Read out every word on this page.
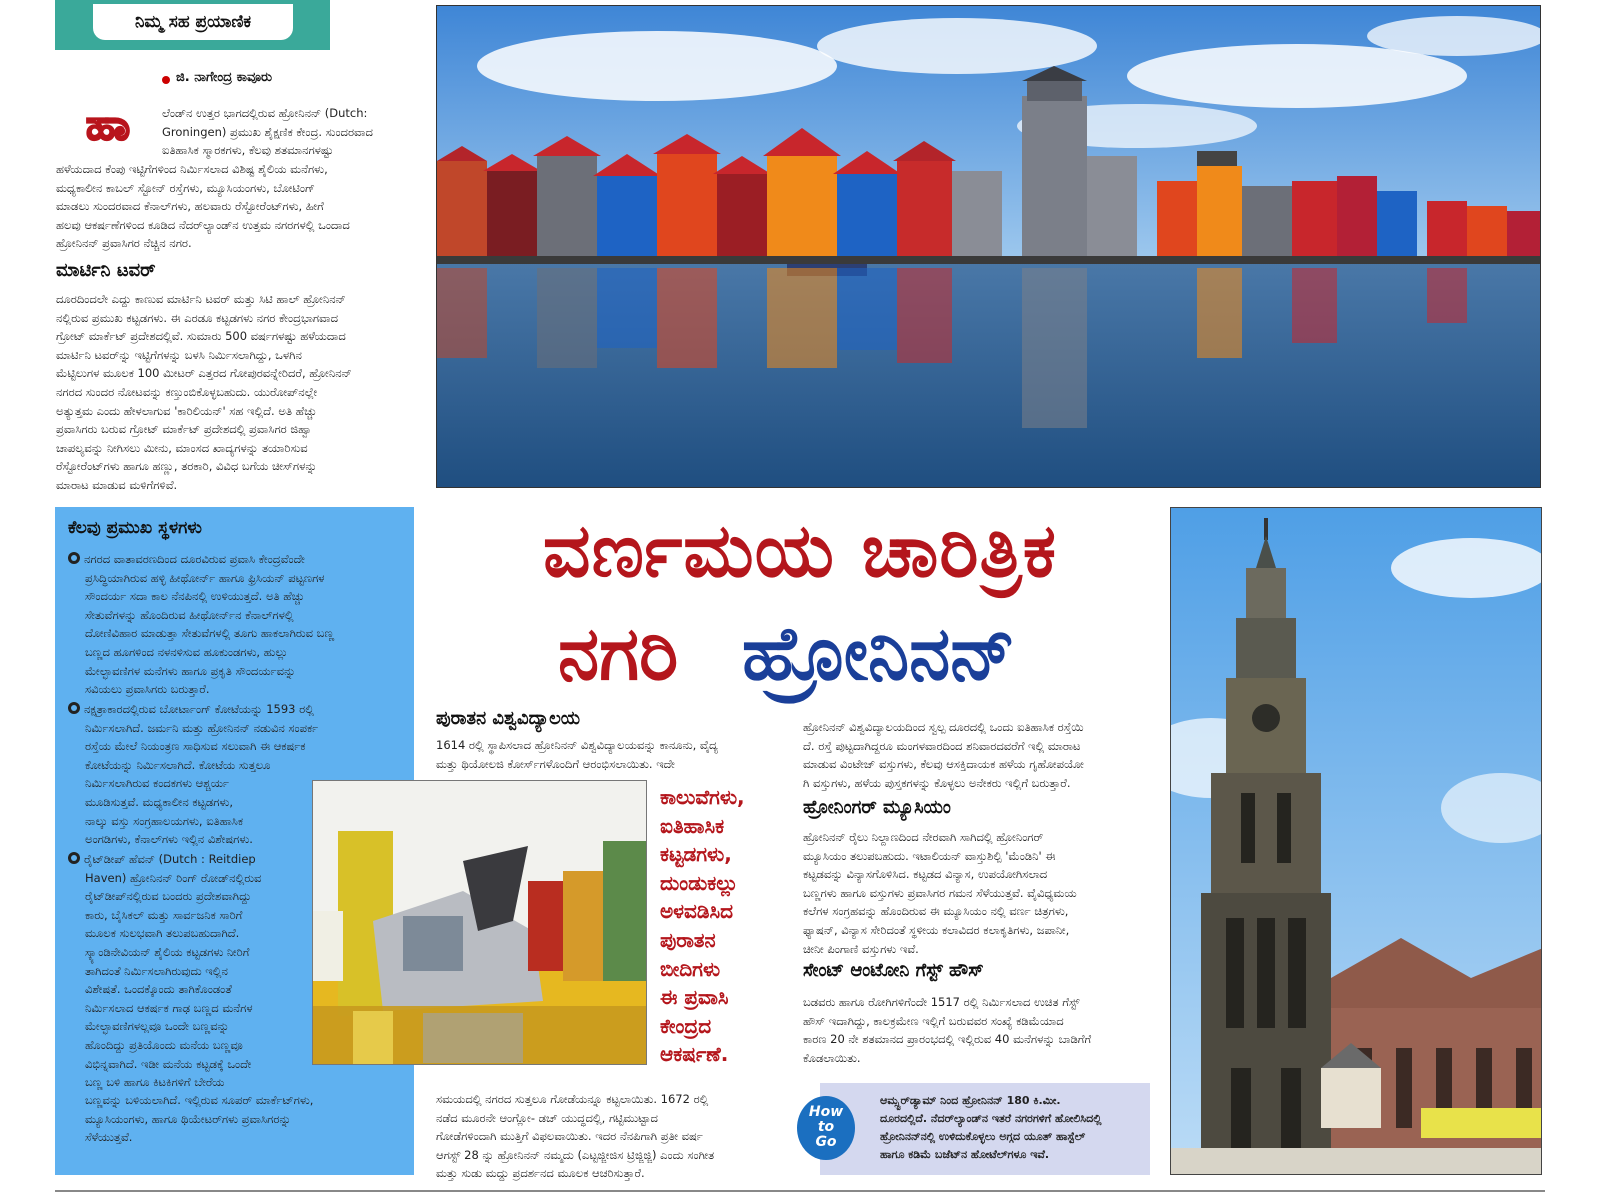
ನಿಮ್ಮ ಸಹ ಪ್ರಯಾಣಿಕ
ಜಿ. ನಾಗೇಂದ್ರ ಕಾವೂರು
ಹಾ	ಲೆಂಡ್‌ನ ಉತ್ತರ ಭಾಗದಲ್ಲಿರುವ ಹ್ರೋನಿನನ್ (Dutch:
Groningen) ಪ್ರಮುಖ ಶೈಕ್ಷಣಿಕ ಕೇಂದ್ರ. ಸುಂದರವಾದ
ಐತಿಹಾಸಿಕ ಸ್ಮಾರಕಗಳು, ಕೆಲವು ಶತಮಾನಗಳಷ್ಟು
ಹಳೆಯದಾದ ಕೆಂಪು ಇಟ್ಟಿಗೆಗಳಿಂದ ನಿರ್ಮಿಸಲಾದ ವಿಶಿಷ್ಟ ಶೈಲಿಯ ಮನೆಗಳು,
ಮಧ್ಯಕಾಲೀನ ಕಾಬಲ್ ಸ್ಟೋನ್ ರಸ್ತೆಗಳು, ಮ್ಯೂಸಿಯಂಗಳು, ಬೋಟಿಂಗ್
ಮಾಡಲು ಸುಂದರವಾದ ಕೆನಾಲ್‌ಗಳು, ಹಲವಾರು ರೆಸ್ಟೋರೆಂಟ್‌ಗಳು, ಹೀಗೆ
ಹಲವು ಆಕರ್ಷಣೆಗಳಿಂದ ಕೂಡಿದ ನೆದರ್‌ಲ್ಯಾಂಡ್‌ನ ಉತ್ತಮ ನಗರಗಳಲ್ಲಿ ಒಂದಾದ
ಹ್ರೋನಿನನ್ ಪ್ರವಾಸಿಗರ ನೆಚ್ಚಿನ ನಗರ.
ಮಾರ್ಟಿನಿ ಟವರ್
ದೂರದಿಂದಲೇ ಎದ್ದು ಕಾಣುವ ಮಾರ್ಟಿನಿ ಟವರ್ ಮತ್ತು ಸಿಟಿ ಹಾಲ್ ಹ್ರೋನಿನನ್
ನಲ್ಲಿರುವ ಪ್ರಮುಖ ಕಟ್ಟಡಗಳು. ಈ ಎರಡೂ ಕಟ್ಟಡಗಳು ನಗರ ಕೇಂದ್ರಭಾಗವಾದ
ಗ್ರೋಟ್ ಮಾರ್ಕೆಟ್ ಪ್ರದೇಶದಲ್ಲಿವೆ. ಸುಮಾರು 500 ವರ್ಷಗಳಷ್ಟು ಹಳೆಯದಾದ
ಮಾರ್ಟಿನಿ ಟವರ್‌ನ್ನು ಇಟ್ಟಿಗೆಗಳನ್ನು ಬಳಸಿ ನಿರ್ಮಿಸಲಾಗಿದ್ದು, ಒಳಗಿನ
ಮೆಟ್ಟಿಲುಗಳ ಮೂಲಕ 100 ಮೀಟರ್ ಎತ್ತರದ ಗೋಪುರವನ್ನೇರಿದರೆ, ಹ್ರೋನಿನನ್
ನಗರದ ಸುಂದರ ನೋಟವನ್ನು ಕಣ್ತುಂಬಿಕೊಳ್ಳಬಹುದು. ಯುರೋಪ್‌ನಲ್ಲೇ
ಅತ್ಯುತ್ತಮ ಎಂದು ಹೇಳಲಾಗುವ 'ಕಾರಿಲಿಯನ್' ಸಹ ಇಲ್ಲಿದೆ. ಅತಿ ಹೆಚ್ಚು
ಪ್ರವಾಸಿಗರು ಬರುವ ಗ್ರೋಟ್ ಮಾರ್ಕೆಟ್ ಪ್ರದೇಶದಲ್ಲಿ ಪ್ರವಾಸಿಗರ ಜಿಹ್ವಾ
ಚಾಪಲ್ಯವನ್ನು ನೀಗಿಸಲು ಮೀನು, ಮಾಂಸದ ಖಾದ್ಯಗಳನ್ನು ತಯಾರಿಸುವ
ರೆಸ್ಟೋರೆಂಟ್‌ಗಳು ಹಾಗೂ ಹಣ್ಣು, ತರಕಾರಿ, ವಿವಿಧ ಬಗೆಯ ಚೀಸ್‌ಗಳನ್ನು
ಮಾರಾಟ ಮಾಡುವ ಮಳಿಗೆಗಳಿವೆ.
ಕೆಲವು ಪ್ರಮುಖ ಸ್ಥಳಗಳು
ನಗರದ ವಾತಾವರಣದಿಂದ ದೂರವಿರುವ ಪ್ರವಾಸಿ ಕೇಂದ್ರವೆಂದೇ
ಪ್ರಸಿದ್ಧಿಯಾಗಿರುವ ಹಳ್ಳಿ ಹೀಥೋರ್ನ್ ಹಾಗೂ ಫ್ರಿಸಿಯನ್ ಪಟ್ಟಣಗಳ
ಸೌಂದರ್ಯ ಸದಾ ಕಾಲ ನೆನಪಿನಲ್ಲಿ ಉಳಿಯುತ್ತದೆ. ಅತಿ ಹೆಚ್ಚು
ಸೇತುವೆಗಳನ್ನು ಹೊಂದಿರುವ ಹೀಥೋರ್ನ್‌ನ ಕೆನಾಲ್‌ಗಳಲ್ಲಿ
ದೋಣಿವಿಹಾರ ಮಾಡುತ್ತಾ ಸೇತುವೆಗಳಲ್ಲಿ ತೂಗು ಹಾಕಲಾಗಿರುವ ಬಣ್ಣ
ಬಣ್ಣದ ಹೂಗಳಿಂದ ನಳನಳಿಸುವ ಹೂಕುಂಡಗಳು, ಹುಲ್ಲು
ಮೇಲ್ಛಾವಣಿಗಳ ಮನೆಗಳು ಹಾಗೂ ಪ್ರಕೃತಿ ಸೌಂದರ್ಯವನ್ನು
ಸವಿಯಲು ಪ್ರವಾಸಿಗರು ಬರುತ್ತಾರೆ.
ನಕ್ಷತ್ರಾಕಾರದಲ್ಲಿರುವ ಬೋರ್ಟಾಂಗ್ ಕೋಟೆಯನ್ನು 1593 ರಲ್ಲಿ
ನಿರ್ಮಿಸಲಾಗಿದೆ. ಜರ್ಮನಿ ಮತ್ತು ಹ್ರೋನಿನನ್ ನಡುವಿನ ಸಂಪರ್ಕ
ರಸ್ತೆಯ ಮೇಲೆ ನಿಯಂತ್ರಣ ಸಾಧಿಸುವ ಸಲುವಾಗಿ ಈ ಆಕರ್ಷಕ
ಕೋಟೆಯನ್ನು ನಿರ್ಮಿಸಲಾಗಿದೆ. ಕೋಟೆಯ ಸುತ್ತಲೂ
ನಿರ್ಮಿಸಲಾಗಿರುವ ಕಂದಕಗಳು ಆಶ್ಚರ್ಯ
ಮೂಡಿಸುತ್ತವೆ. ಮಧ್ಯಕಾಲೀನ ಕಟ್ಟಡಗಳು,
ನಾಲ್ಕು ವಸ್ತು ಸಂಗ್ರಹಾಲಯಗಳು, ಐತಿಹಾಸಿಕ
ಅಂಗಡಿಗಳು, ಕೆನಾಲ್‌ಗಳು ಇಲ್ಲಿನ ವಿಶೇಷಗಳು.
ರೈಟ್‌ಡೀಪ್ ಹೆವನ್ (Dutch : Reitdiep
Haven) ಹ್ರೋನಿನನ್ ರಿಂಗ್ ರೋಡ್‌ನಲ್ಲಿರುವ
ರೈಟ್‌ಡೀಪ್‌ನಲ್ಲಿರುವ ಬಂದರು ಪ್ರದೇಶವಾಗಿದ್ದು
ಕಾರು, ಬೈಸಿಕಲ್ ಮತ್ತು ಸಾರ್ವಜನಿಕ ಸಾರಿಗೆ
ಮೂಲಕ ಸುಲಭವಾಗಿ ತಲುಪಬಹುದಾಗಿದೆ.
ಸ್ಕ್ಯಾಂಡಿನೇವಿಯನ್ ಶೈಲಿಯ ಕಟ್ಟಡಗಳು ನೀರಿಗೆ
ತಾಗಿದಂತೆ ನಿರ್ಮಿಸಲಾಗಿರುವುದು ಇಲ್ಲಿನ
ವಿಶೇಷತೆ. ಒಂದಕ್ಕೊಂದು ತಾಗಿಕೊಂಡಂತೆ
ನಿರ್ಮಿಸಲಾದ ಆಕರ್ಷಕ ಗಾಢ ಬಣ್ಣದ ಮನೆಗಳ
ಮೇಲ್ಛಾವಣಿಗಳಲ್ಲವೂ ಒಂದೇ ಬಣ್ಣವನ್ನು
ಹೊಂದಿದ್ದು ಪ್ರತಿಯೊಂದು ಮನೆಯ ಬಣ್ಣವೂ
ವಿಭಿನ್ನವಾಗಿದೆ. ಇಡೀ ಮನೆಯ ಕಟ್ಟಡಕ್ಕೆ ಒಂದೇ
ಬಣ್ಣ ಬಳಿ ಹಾಗೂ ಕಿಟಕಿಗಳಿಗೆ ಬೇರೆಯ
ಬಣ್ಣವನ್ನು ಬಳಿಯಲಾಗಿದೆ. ಇಲ್ಲಿರುವ ಸೂಪರ್ ಮಾರ್ಕೆಟ್‌ಗಳು,
ಮ್ಯೂಸಿಯಂಗಳು, ಹಾಗೂ ಥಿಯೇಟರ್‌ಗಳು ಪ್ರವಾಸಿಗರನ್ನು
ಸೆಳೆಯುತ್ತವೆ.
ವರ್ಣಮಯ ಚಾರಿತ್ರಿಕ
ನಗರಿ ಹ್ರೋನಿನನ್
ಪುರಾತನ ವಿಶ್ವವಿದ್ಯಾಲಯ
1614 ರಲ್ಲಿ ಸ್ಥಾಪಿಸಲಾದ ಹ್ರೋನಿನನ್ ವಿಶ್ವವಿದ್ಯಾಲಯವನ್ನು ಕಾನೂನು, ವೈದ್ಯ
ಮತ್ತು ಥಿಯೋಲಜಿ ಕೋರ್ಸ್‌ಗಳೊಂದಿಗೆ ಆರಂಭಿಸಲಾಯಿತು. ಇದೇ
ಕಾಲುವೆಗಳು,
ಐತಿಹಾಸಿಕ
ಕಟ್ಟಡಗಳು,
ದುಂಡುಕಲ್ಲು
ಅಳವಡಿಸಿದ
ಪುರಾತನ
ಬೀದಿಗಳು
ಈ ಪ್ರವಾಸಿ
ಕೇಂದ್ರದ
ಆಕರ್ಷಣೆ.
ಸಮಯದಲ್ಲಿ ನಗರದ ಸುತ್ತಲೂ ಗೋಡೆಯನ್ನೂ ಕಟ್ಟಲಾಯಿತು. 1672 ರಲ್ಲಿ
ನಡೆದ ಮೂರನೇ ಆಂಗ್ಲೋ- ಡಚ್ ಯುದ್ಧದಲ್ಲಿ, ಗಟ್ಟಿಮುಟ್ಟಾದ
ಗೋಡೆಗಳಿಂದಾಗಿ ಮುತ್ತಿಗೆ ವಿಫಲವಾಯಿತು. ಇದರ ನೆನಪಿಗಾಗಿ ಪ್ರತೀ ವರ್ಷ
ಆಗಸ್ಟ್ 28 ನ್ನು ಹ್ರೋನಿನನ್ ನಮ್ಮದು (ಎಟ್ಟಜ್ಜೀಜಿಸ ಟ್ರಿಜ್ಜಿಜ್ಜಿ) ಎಂದು ಸಂಗೀತ
ಮತ್ತು ಸುಡು ಮದ್ದು ಪ್ರದರ್ಶನದ ಮೂಲಕ ಆಚರಿಸುತ್ತಾರೆ.
ಹ್ರೋನಿನನ್ ವಿಶ್ವವಿದ್ಯಾಲಯದಿಂದ ಸ್ವಲ್ಪ ದೂರದಲ್ಲಿ ಒಂದು ಐತಿಹಾಸಿಕ ರಸ್ತೆಯಿ
ದೆ. ರಸ್ತೆ ಪುಟ್ಟದಾಗಿದ್ದರೂ ಮಂಗಳವಾರದಿಂದ ಶನಿವಾರದವರೆಗೆ ಇಲ್ಲಿ ಮಾರಾಟ
ಮಾಡುವ ವಿಂಟೇಜ್ ವಸ್ತುಗಳು, ಕೆಲವು ಆಸಕ್ತಿದಾಯಕ ಹಳೆಯ ಗೃಹೋಪಯೋ
ಗಿ ವಸ್ತುಗಳು, ಹಳೆಯ ಪುಸ್ತಕಗಳನ್ನು ಕೊಳ್ಳಲು ಅನೇಕರು ಇಲ್ಲಿಗೆ ಬರುತ್ತಾರೆ.
ಹ್ರೋನಿಂಗರ್ ಮ್ಯೂಸಿಯಂ
ಹ್ರೋನಿನನ್ ರೈಲು ನಿಲ್ದಾಣದಿಂದ ನೇರವಾಗಿ ಸಾಗಿದಲ್ಲಿ ಹ್ರೋನಿಂಗರ್
ಮ್ಯೂಸಿಯಂ ತಲುಪಬಹುದು. ಇಟಾಲಿಯನ್ ವಾಸ್ತುಶಿಲ್ಪಿ 'ಮೆಂಡಿನಿ' ಈ
ಕಟ್ಟಡವನ್ನು ವಿನ್ಯಾಸಗೊಳಿಸಿದ. ಕಟ್ಟಡದ ವಿನ್ಯಾಸ, ಉಪಯೋಗಿಸಲಾದ
ಬಣ್ಣಗಳು ಹಾಗೂ ವಸ್ತುಗಳು ಪ್ರವಾಸಿಗರ ಗಮನ ಸೆಳೆಯುತ್ತವೆ. ವೈವಿಧ್ಯಮಯ
ಕಲೆಗಳ ಸಂಗ್ರಹವನ್ನು ಹೊಂದಿರುವ ಈ ಮ್ಯೂಸಿಯಂ ನಲ್ಲಿ ವರ್ಣ ಚಿತ್ರಗಳು,
ಫ್ಯಾಷನ್, ವಿನ್ಯಾಸ ಸೇರಿದಂತೆ ಸ್ಥಳೀಯ ಕಲಾವಿದರ ಕಲಾಕೃತಿಗಳು, ಜಪಾನೀ,
ಚೀನೀ ಪಿಂಗಾಣಿ ವಸ್ತುಗಳು ಇವೆ.
ಸೇಂಟ್ ಆಂಟೋನಿ ಗೆಸ್ಟ್ ಹೌಸ್
ಬಡವರು ಹಾಗೂ ರೋಗಿಗಳಿಗೆಂದೇ 1517 ರಲ್ಲಿ ನಿರ್ಮಿಸಲಾದ ಉಚಿತ ಗೆಸ್ಟ್
ಹೌಸ್ ಇದಾಗಿದ್ದು, ಕಾಲಕ್ರಮೇಣ ಇಲ್ಲಿಗೆ ಬರುವವರ ಸಂಖ್ಯೆ ಕಡಿಮೆಯಾದ
ಕಾರಣ 20 ನೇ ಶತಮಾನದ ಪ್ರಾರಂಭದಲ್ಲಿ ಇಲ್ಲಿರುವ 40 ಮನೆಗಳನ್ನು ಬಾಡಿಗೆಗೆ
ಕೊಡಲಾಯಿತು.
How
to
Go
ಆಮ್ಸ್ಟರ್‌ಡ್ಯಾಮ್ ನಿಂದ ಹ್ರೋನಿನನ್ 180 ಕಿ.ಮೀ.
ದೂರದಲ್ಲಿದೆ. ನೆದರ್‌ಲ್ಯಾಂಡ್‌ನ ಇತರೆ ನಗರಗಳಿಗೆ ಹೋಲಿಸಿದಲ್ಲಿ
ಹ್ರೋನಿನನ್‌ನಲ್ಲಿ ಉಳಿದುಕೊಳ್ಳಲು ಅಗ್ಗದ ಯೂತ್ ಹಾಸ್ಟೆಲ್
ಹಾಗೂ ಕಡಿಮೆ ಬಜೆಟ್‌ನ ಹೋಟೆಲ್‌ಗಳೂ ಇವೆ.
